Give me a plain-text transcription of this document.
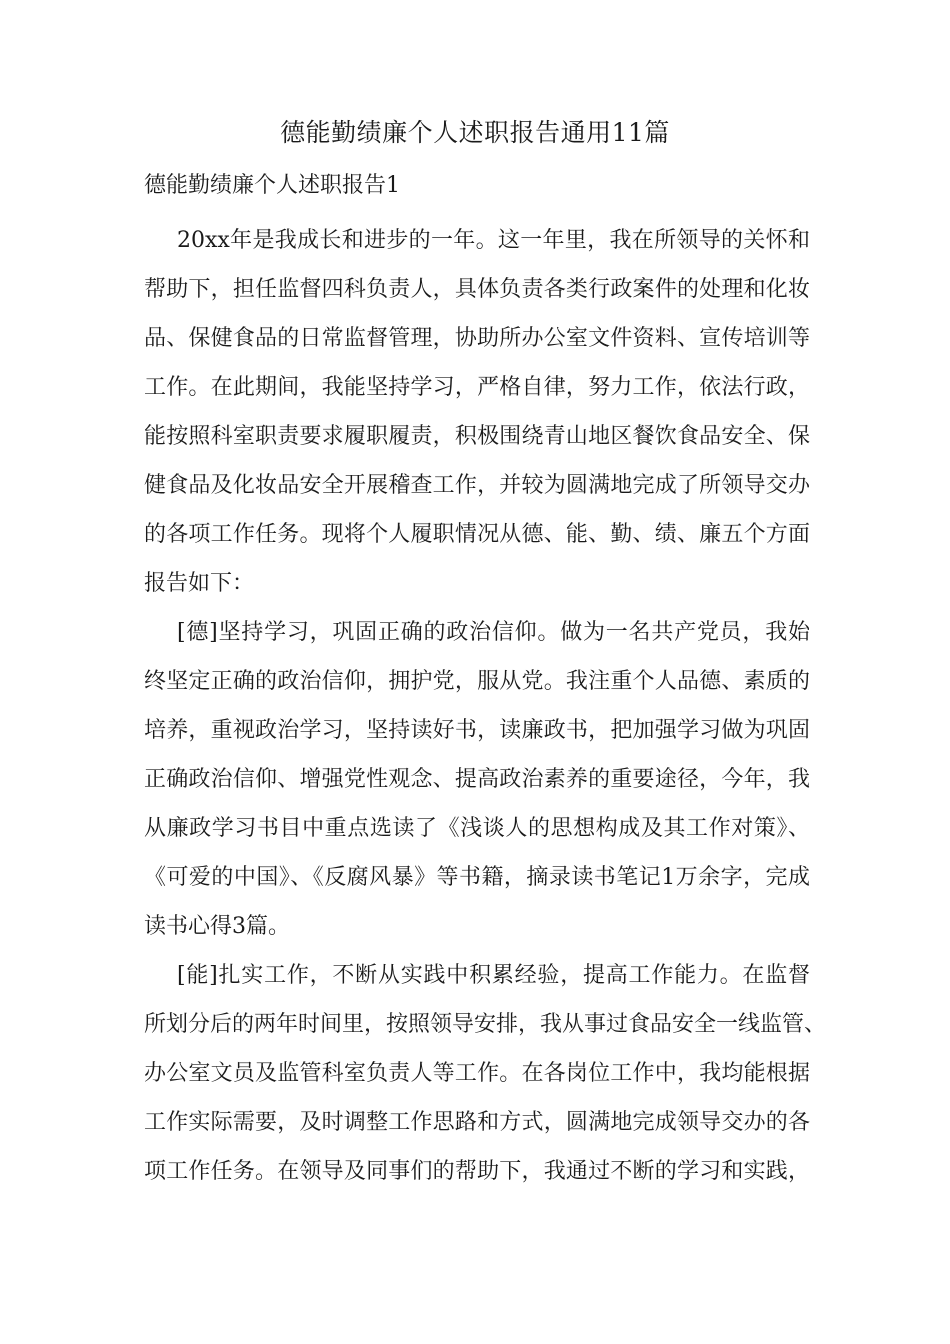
德能勤绩廉个人述职报告通用11篇
德能勤绩廉个人述职报告1

20xx年是我成长和进步的一年。这一年里，我在所领导的关怀和

帮助下，担任监督四科负责人，具体负责各类行政案件的处理和化妆

品、保健食品的日常监督管理，协助所办公室文件资料、宣传培训等

工作。在此期间，我能坚持学习，严格自律，努力工作，依法行政，

能按照科室职责要求履职履责，积极围绕青山地区餐饮食品安全、保

健食品及化妆品安全开展稽查工作，并较为圆满地完成了所领导交办

的各项工作任务。现将个人履职情况从德、能、勤、绩、廉五个方面

报告如下：

[德]坚持学习，巩固正确的政治信仰。做为一名共产党员，我始

终坚定正确的政治信仰，拥护党，服从党。我注重个人品德、素质的

培养，重视政治学习，坚持读好书，读廉政书，把加强学习做为巩固

正确政治信仰、增强党性观念、提高政治素养的重要途径，今年，我

从廉政学习书目中重点选读了《浅谈人的思想构成及其工作对策》、

《可爱的中国》、《反腐风暴》等书籍，摘录读书笔记1万余字，完成

读书心得3篇。

[能]扎实工作，不断从实践中积累经验，提高工作能力。在监督

所划分后的两年时间里，按照领导安排，我从事过食品安全一线监管、

办公室文员及监管科室负责人等工作。在各岗位工作中，我均能根据

工作实际需要，及时调整工作思路和方式，圆满地完成领导交办的各

项工作任务。在领导及同事们的帮助下，我通过不断的学习和实践，
